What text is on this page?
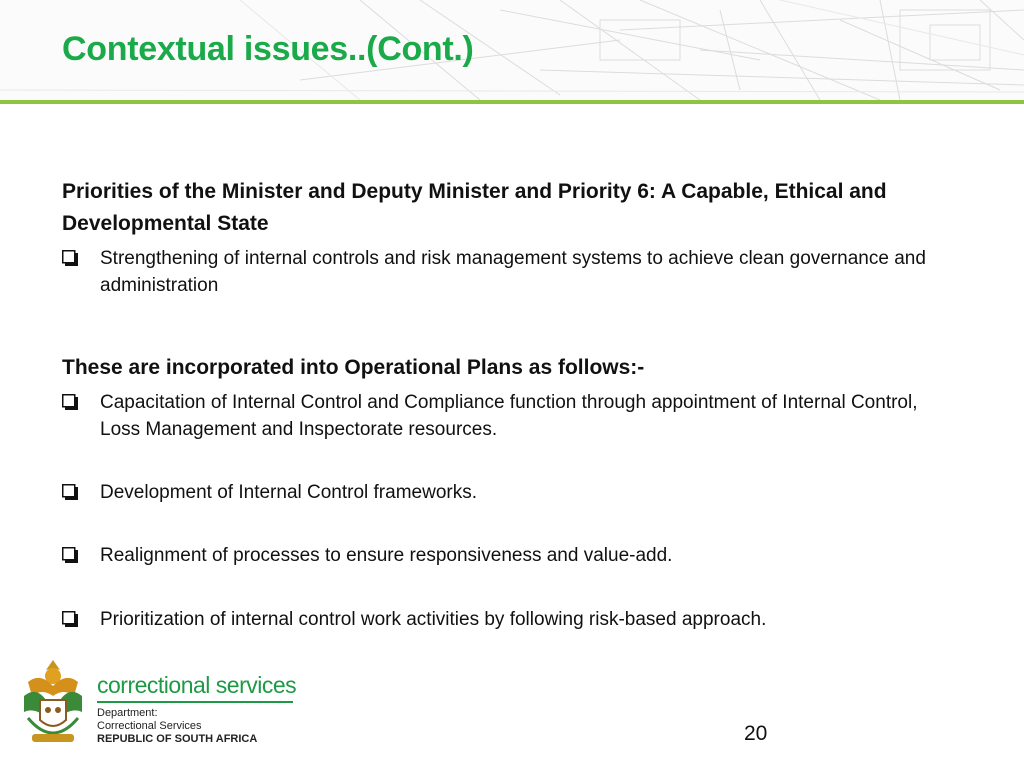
Contextual issues..(Cont.)
Priorities of the Minister and Deputy Minister and Priority 6: A Capable, Ethical and Developmental State
Strengthening of internal controls and risk management systems to achieve clean governance and administration
These are incorporated into Operational Plans as follows:-
Capacitation of Internal Control and Compliance function through appointment of Internal Control, Loss Management and Inspectorate resources.
Development of Internal Control frameworks.
Realignment of processes to ensure responsiveness and value-add.
Prioritization of internal control work activities by following risk-based approach.
correctional services
Department:
Correctional Services
REPUBLIC OF SOUTH AFRICA	20
